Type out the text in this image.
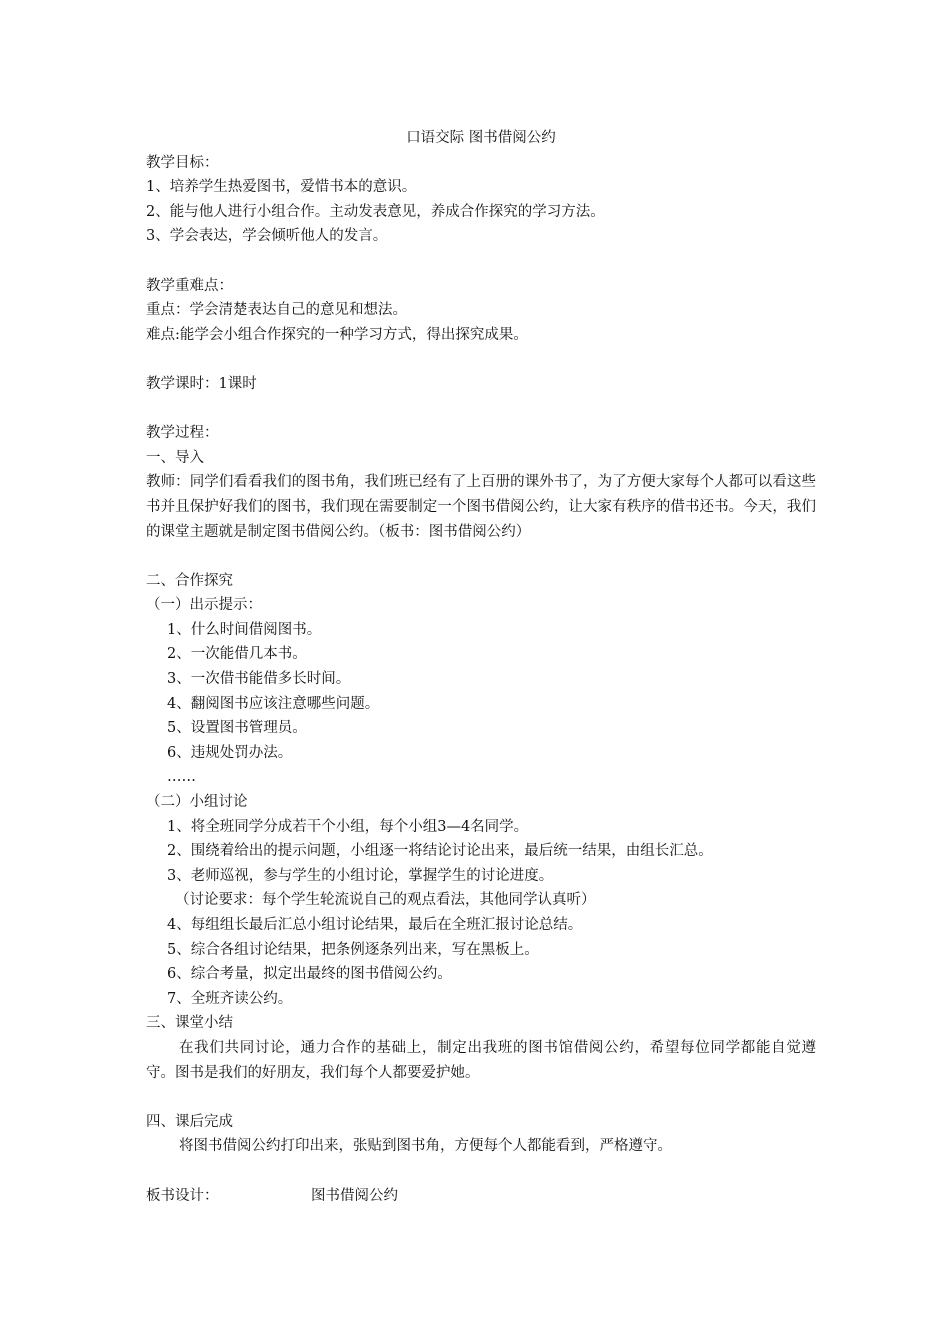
口语交际 图书借阅公约
教学目标：
1、培养学生热爱图书，爱惜书本的意识。
2、能与他人进行小组合作。主动发表意见，养成合作探究的学习方法。
3、学会表达，学会倾听他人的发言。
教学重难点：
重点：学会清楚表达自己的意见和想法。
难点:能学会小组合作探究的一种学习方式，得出探究成果。
教学课时：1课时
教学过程：
一、导入
教师：同学们看看我们的图书角，我们班已经有了上百册的课外书了，为了方便大家每个人都可以看这些书并且保护好我们的图书，我们现在需要制定一个图书借阅公约，让大家有秩序的借书还书。今天，我们的课堂主题就是制定图书借阅公约。（板书：图书借阅公约）
二、合作探究
（一）出示提示：
1、什么时间借阅图书。
2、一次能借几本书。
3、一次借书能借多长时间。
4、翻阅图书应该注意哪些问题。
5、设置图书管理员。
6、违规处罚办法。
……
（二）小组讨论
1、将全班同学分成若干个小组，每个小组3—4名同学。
2、围绕着给出的提示问题，小组逐一将结论讨论出来，最后统一结果，由组长汇总。
3、老师巡视，参与学生的小组讨论，掌握学生的讨论进度。
（讨论要求：每个学生轮流说自己的观点看法，其他同学认真听）
4、每组组长最后汇总小组讨论结果，最后在全班汇报讨论总结。
5、综合各组讨论结果，把条例逐条列出来，写在黑板上。
6、综合考量，拟定出最终的图书借阅公约。
7、全班齐读公约。
三、课堂小结
在我们共同讨论，通力合作的基础上，制定出我班的图书馆借阅公约，希望每位同学都能自觉遵守。图书是我们的好朋友，我们每个人都要爱护她。
四、课后完成
将图书借阅公约打印出来，张贴到图书角，方便每个人都能看到，严格遵守。
板书设计：	图书借阅公约
